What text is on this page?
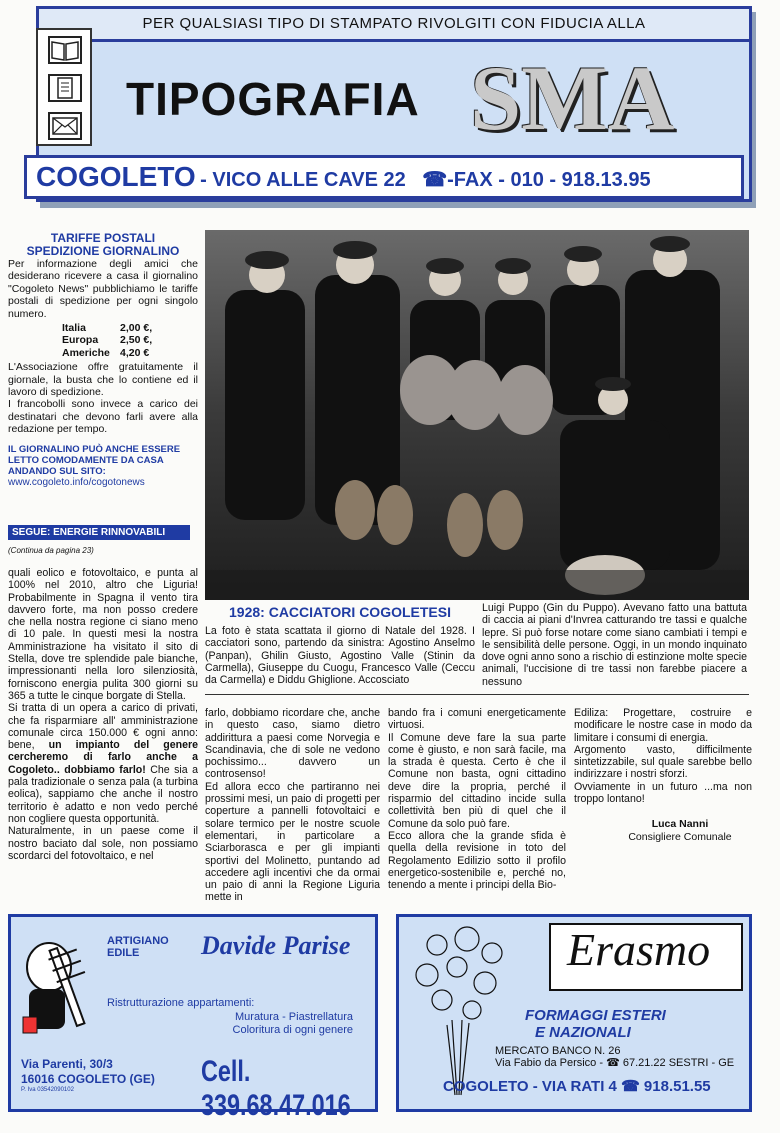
PER QUALSIASI TIPO DI STAMPATO RIVOLGITI CON FIDUCIA ALLA
TIPOGRAFIA SMA
COGOLETO - VICO ALLE CAVE 22 ☎-FAX - 010 - 918.13.95
TARIFFE POSTALI
SPEDIZIONE GIORNALINO
Per informazione degli amici che desiderano ricevere a casa il giornalino "Cogoleto News" pubblichiamo le tariffe postali di spedizione per ogni singolo numero.
Italia	2,00 €,
Europa 2,50 €,
Americhe 4,20 €
L'Associazione offre gratuitamente il giornale, la busta che lo contiene ed il lavoro di spedizione.
I francobolli sono invece a carico dei destinatari che devono farli avere alla redazione per tempo.
IL GIORNALINO PUÒ ANCHE ESSERE LETTO COMODAMENTE DA CASA ANDANDO SUL SITO:
www.cogoleto.info/cogotonews
SEGUE: ENERGIE RINNOVABILI
(Continua da pagina 23)
1928: CACCIATORI COGOLETESI
La foto è stata scattata il giorno di Natale del 1928. I cacciatori sono, partendo da sinistra: Agostino Anselmo (Panpan), Ghilin Giusto, Agostino Valle (Stinin da Carmella), Giuseppe du Cuogu, Francesco Valle (Ceccu da Carmella) e Diddu Ghiglione. Accosciato
Luigi Puppo (Gin du Puppo). Avevano fatto una battuta di caccia ai piani d'Invrea catturando tre tassi e qualche lepre. Si può forse notare come siano cambiati i tempi e le sensibilità delle persone. Oggi, in un mondo inquinato dove ogni anno sono a rischio di estinzione molte specie animali, l'uccisione di tre tassi non farebbe piacere a nessuno

quali eolico e fotovoltaico, e punta al 100% nel 2010, altro che Liguria! Probabilmente in Spagna il vento tira davvero forte, ma non posso credere che nella nostra regione ci siano meno di 10 pale. In questi mesi la nostra Amministrazione ha visitato il sito di Stella, dove tre splendide pale bianche, impressionanti nella loro silenziosità, forniscono energia pulita 300 giorni su 365 a tutte le cinque borgate di Stella.

Si tratta di un opera a carico di privati, che fa risparmiare all' amministrazione comunale circa 150.000 € ogni anno: bene, un impianto del genere cercheremo di farlo anche a Cogoleto.. dobbiamo farlo! Che sia a pala tradizionale o senza pala (a turbina eolica), sappiamo che anche il nostro territorio è adatto e non vedo perché non cogliere questa opportunità.

Naturalmente, in un paese come il nostro baciato dal sole, non possiamo scordarci del fotovoltaico, e nel

farlo, dobbiamo ricordare che, anche in questo caso, siamo dietro addirittura a paesi come Norvegia e Scandinavia, che di sole ne vedono pochissimo... davvero un controsenso!

Ed allora ecco che partiranno nei prossimi mesi, un paio di progetti per coperture a pannelli fotovoltaici e solare termico per le nostre scuole elementari, in particolare a Sciarborasca e per gli impianti sportivi del Molinetto, puntando ad accedere agli incentivi che da ormai un paio di anni la Regione Liguria mette in

bando fra i comuni energeticamente virtuosi.

Il Comune deve fare la sua parte come è giusto, e non sarà facile, ma la strada è questa. Certo è che il Comune non basta, ogni cittadino deve dire la propria, perché il risparmio del cittadino incide sulla collettività ben più di quel che il Comune da solo può fare.

Ecco allora che la grande sfida è quella della revisione in toto del Regolamento Edilizio sotto il profilo energetico-sostenibile e, perché no, tenendo a mente i principi della Bio-

Ediliza: Progettare, costruire e modificare le nostre case in modo da limitare i consumi di energia.

Argomento vasto, difficilmente sintetizzabile, sul quale sarebbe bello indirizzare i nostri sforzi.

Ovviamente in un futuro ...ma non troppo lontano!

Luca Nanni
Consigliere Comunale
ARTIGIANO
EDILE	Davide Parise
Ristrutturazione appartamenti:
Muratura - Piastrellatura
Coloritura di ogni genere
Via Parenti, 30/3
16016 COGOLETO (GE)
P. Iva 03542090102
Cell. 339.68.47.016
Erasmo
FORMAGGI ESTERI
E NAZIONALI
MERCATO BANCO N. 26
Via Fabio da Persico - ☎ 67.21.22 SESTRI - GE
COGOLETO - VIA RATI 4 ☎ 918.51.55
